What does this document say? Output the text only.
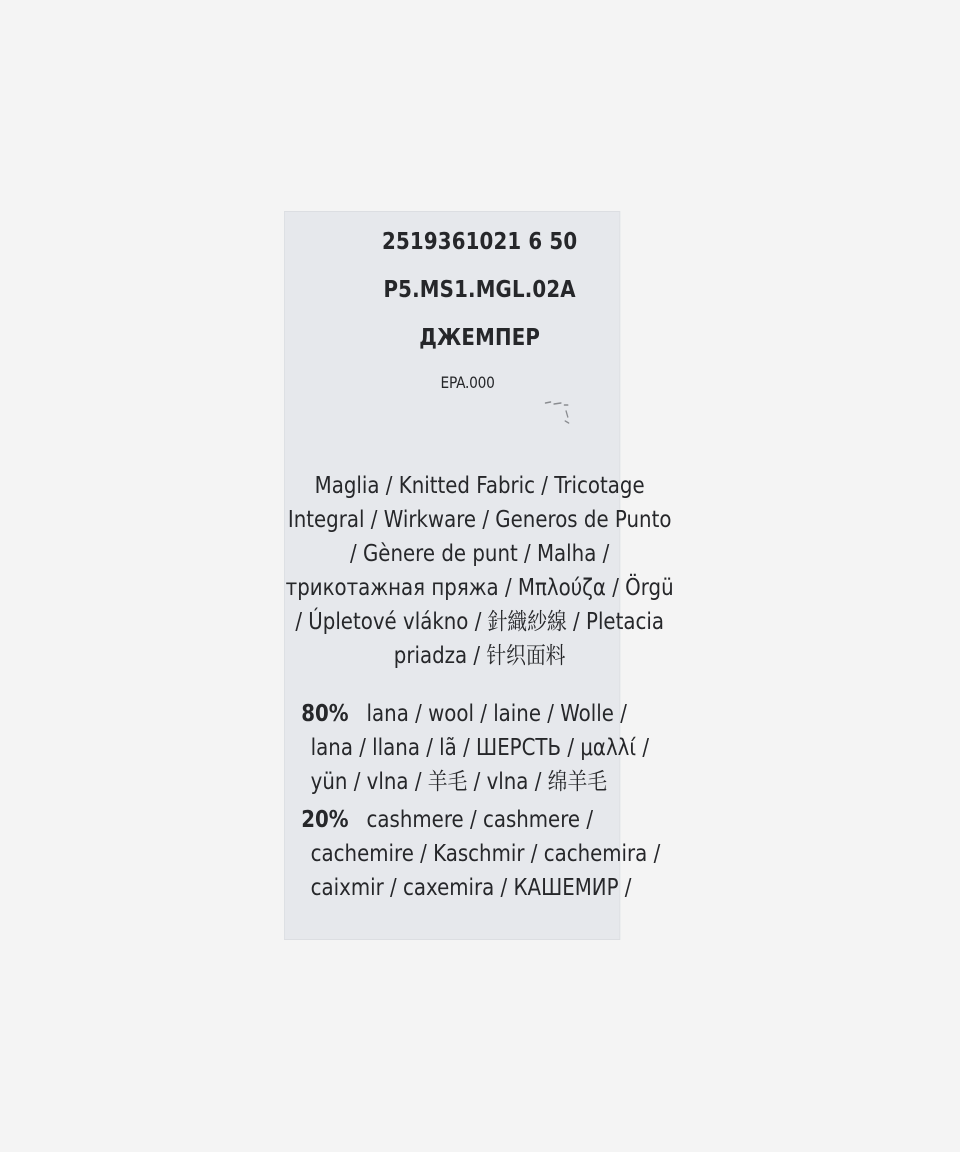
2519361021 6 50
P5.MS1.MGL.02A
ДЖЕМПЕР
EPA.000
Maglia / Knitted Fabric / Tricotage
Integral / Wirkware / Generos de Punto
/ Gènere de punt / Malha /
трикотажная пряжа / Μπλούζα / Örgü
/ Úpletové vlákno / 針織紗線 / Pletacia
priadza / 针织面料
80% lana / wool / laine / Wolle /
lana / llana / lã / ШЕРСТЬ / μαλλί /
yün / vlna / 羊毛 / vlna / 绵羊毛
20% cashmere / cashmere /
cachemire / Kaschmir / cachemira /
caixmir / caxemira / КАШЕМИР /
